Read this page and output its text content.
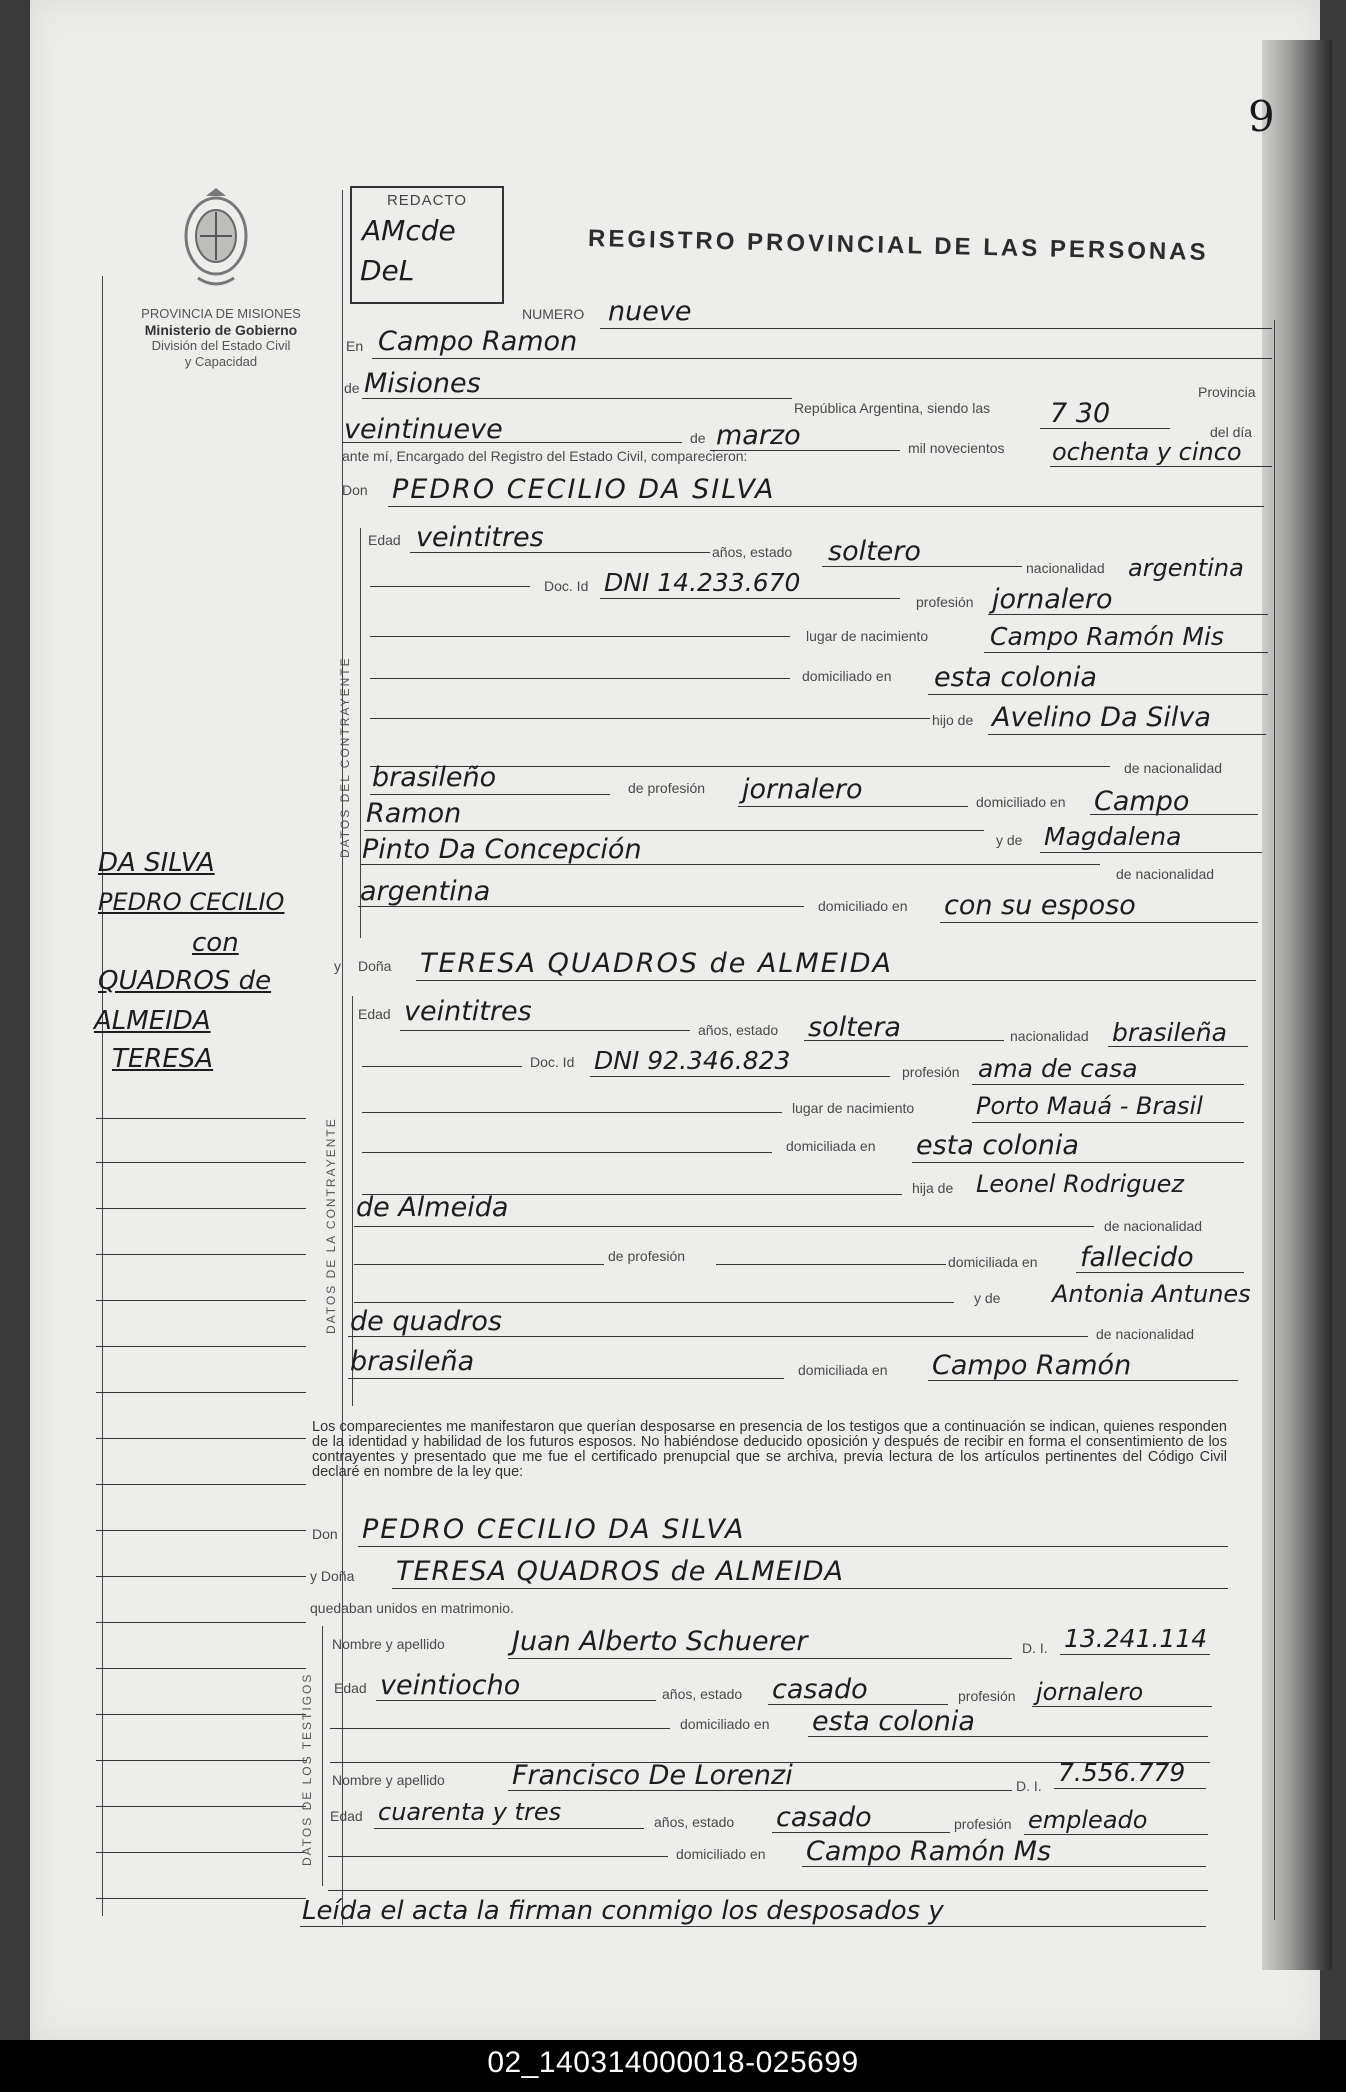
9
PROVINCIA DE MISIONES
Ministerio de Gobierno
División del Estado Civil
y Capacidad
REDACTO
AMcde
DeL
REGISTRO PROVINCIAL DE LAS PERSONAS
DA SILVA
PEDRO CECILIO
con
QUADROS de
ALMEIDA
TERESA
NUMERO nueve
En Campo Ramon
de Misiones
República Argentina, siendo las 7 30
Provincia
del día
veintinueve	de marzo	mil novecientos ochenta y cinco
ante mí, Encargado del Registro del Estado Civil, comparecieron:
Don PEDRO CECILIO DA SILVA
DATOS DEL CONTRAYENTE
Edad veintitres	años, estado soltero
nacionalidad argentina
Doc. Id DNI 14.233.670
profesión jornalero
lugar de nacimiento Campo Ramón Mis
domiciliado en esta colonia
hijo de Avelino Da Silva
de nacionalidad
brasileño	de profesión jornalero	domiciliado en Campo
Ramon
y de Magdalena
Pinto Da Concepción
de nacionalidad
argentina	domiciliado en con su esposo
y Doña TERESA QUADROS de ALMEIDA
DATOS DE LA CONTRAYENTE
Edad veintitres
años, estado soltera	nacionalidad brasileña
Doc. Id DNI 92.346.823	profesión ama de casa
lugar de nacimiento	Porto Mauá - Brasil
domiciliada en esta colonia
hija de Leonel Rodriguez
de Almeida
de nacionalidad
de profesión	domiciliada en fallecido
y de Antonia Antunes
de quadros	de nacionalidad
brasileña	domiciliada en Campo Ramón
Los comparecientes me manifestaron que querían desposarse en presencia de los testigos que a continuación se indican, quienes responden de la identidad y habilidad de los futuros esposos. No habiéndose deducido oposición y después de recibir en forma el consentimiento de los contrayentes y presentado que me fue el certificado prenupcial que se archiva, previa lectura de los artículos pertinentes del Código Civil declaré en nombre de la ley que:
Don PEDRO CECILIO DA SILVA
y Doña TERESA QUADROS de ALMEIDA
quedaban unidos en matrimonio.
DATOS DE LOS TESTIGOS
Nombre y apellido Juan Alberto Schuerer	D. I. 13.241.114
Edad veintiocho	años, estado casado	profesión jornalero
domiciliado en esta colonia
Nombre y apellido Francisco De Lorenzi	D. I. 7.556.779
Edad cuarenta y tres	años, estado casado	profesión empleado
domiciliado en Campo Ramón Ms
Leída el acta la firman conmigo los desposados y
02_140314000018-025699
